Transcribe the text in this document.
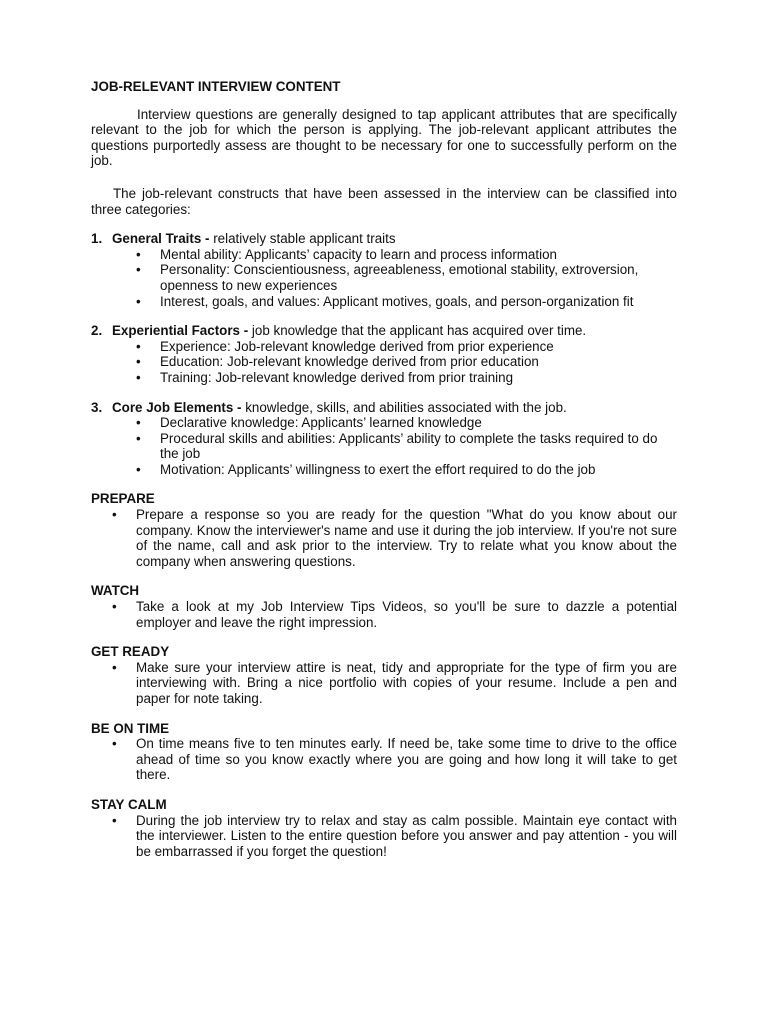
JOB-RELEVANT INTERVIEW CONTENT

Interview questions are generally designed to tap applicant attributes that are specifically relevant to the job for which the person is applying. The job-relevant applicant attributes the questions purportedly assess are thought to be necessary for one to successfully perform on the job.

The job-relevant constructs that have been assessed in the interview can be classified into three categories:

1. General Traits - relatively stable applicant traits
• Mental ability: Applicants’ capacity to learn and process information
• Personality: Conscientiousness, agreeableness, emotional stability, extroversion, openness to new experiences
• Interest, goals, and values: Applicant motives, goals, and person-organization fit
2. Experiential Factors - job knowledge that the applicant has acquired over time.
• Experience: Job-relevant knowledge derived from prior experience
• Education: Job-relevant knowledge derived from prior education
• Training: Job-relevant knowledge derived from prior training
3. Core Job Elements - knowledge, skills, and abilities associated with the job.
• Declarative knowledge: Applicants’ learned knowledge
• Procedural skills and abilities: Applicants’ ability to complete the tasks required to do the job
• Motivation: Applicants’ willingness to exert the effort required to do the job
PREPARE
• Prepare a response so you are ready for the question "What do you know about our company. Know the interviewer's name and use it during the job interview. If you're not sure of the name, call and ask prior to the interview. Try to relate what you know about the company when answering questions.
WATCH
• Take a look at my Job Interview Tips Videos, so you'll be sure to dazzle a potential employer and leave the right impression.
GET READY
• Make sure your interview attire is neat, tidy and appropriate for the type of firm you are interviewing with. Bring a nice portfolio with copies of your resume. Include a pen and paper for note taking.
BE ON TIME
• On time means five to ten minutes early. If need be, take some time to drive to the office ahead of time so you know exactly where you are going and how long it will take to get there.
STAY CALM
• During the job interview try to relax and stay as calm possible. Maintain eye contact with the interviewer. Listen to the entire question before you answer and pay attention - you will be embarrassed if you forget the question!
